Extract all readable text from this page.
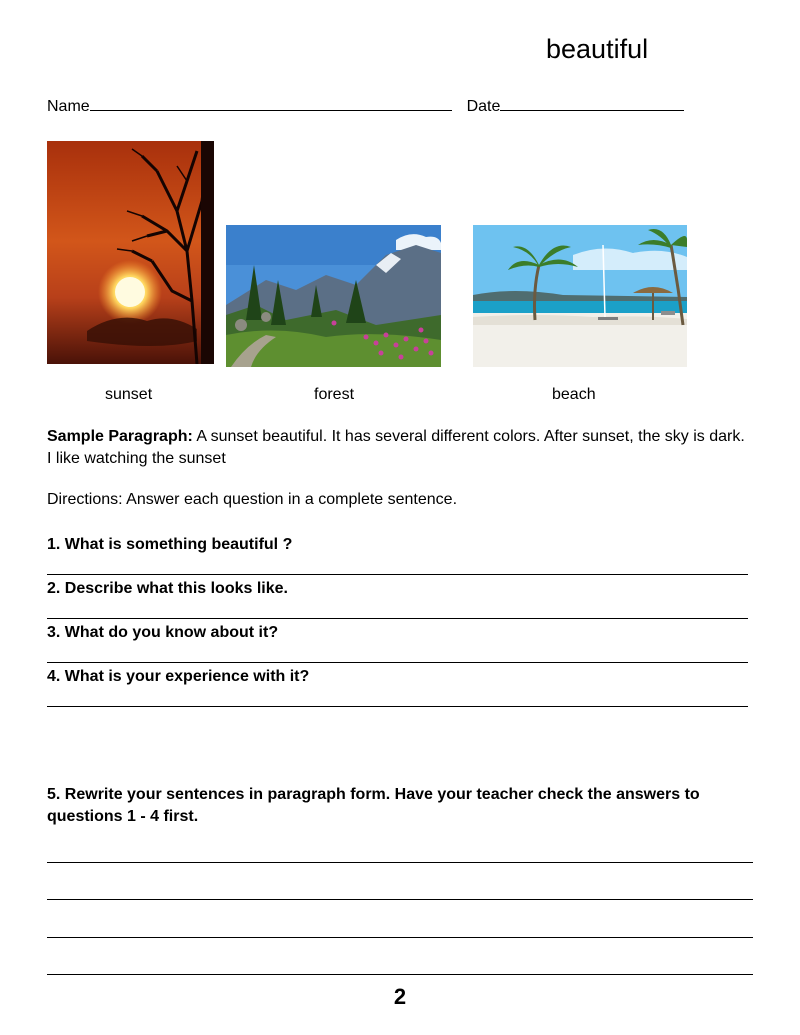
beautiful
Name	Date
sunset	forest	beach
Sample Paragraph: A sunset beautiful. It has several different colors. After sunset, the sky is dark. I like watching the sunset
Directions: Answer each question in a complete sentence.
1. What is something beautiful ?
2. Describe what this looks like.
3. What do you know about it?
4. What is your experience with it?
5. Rewrite your sentences in paragraph form. Have your teacher check the answers to questions 1 - 4 first.
2
